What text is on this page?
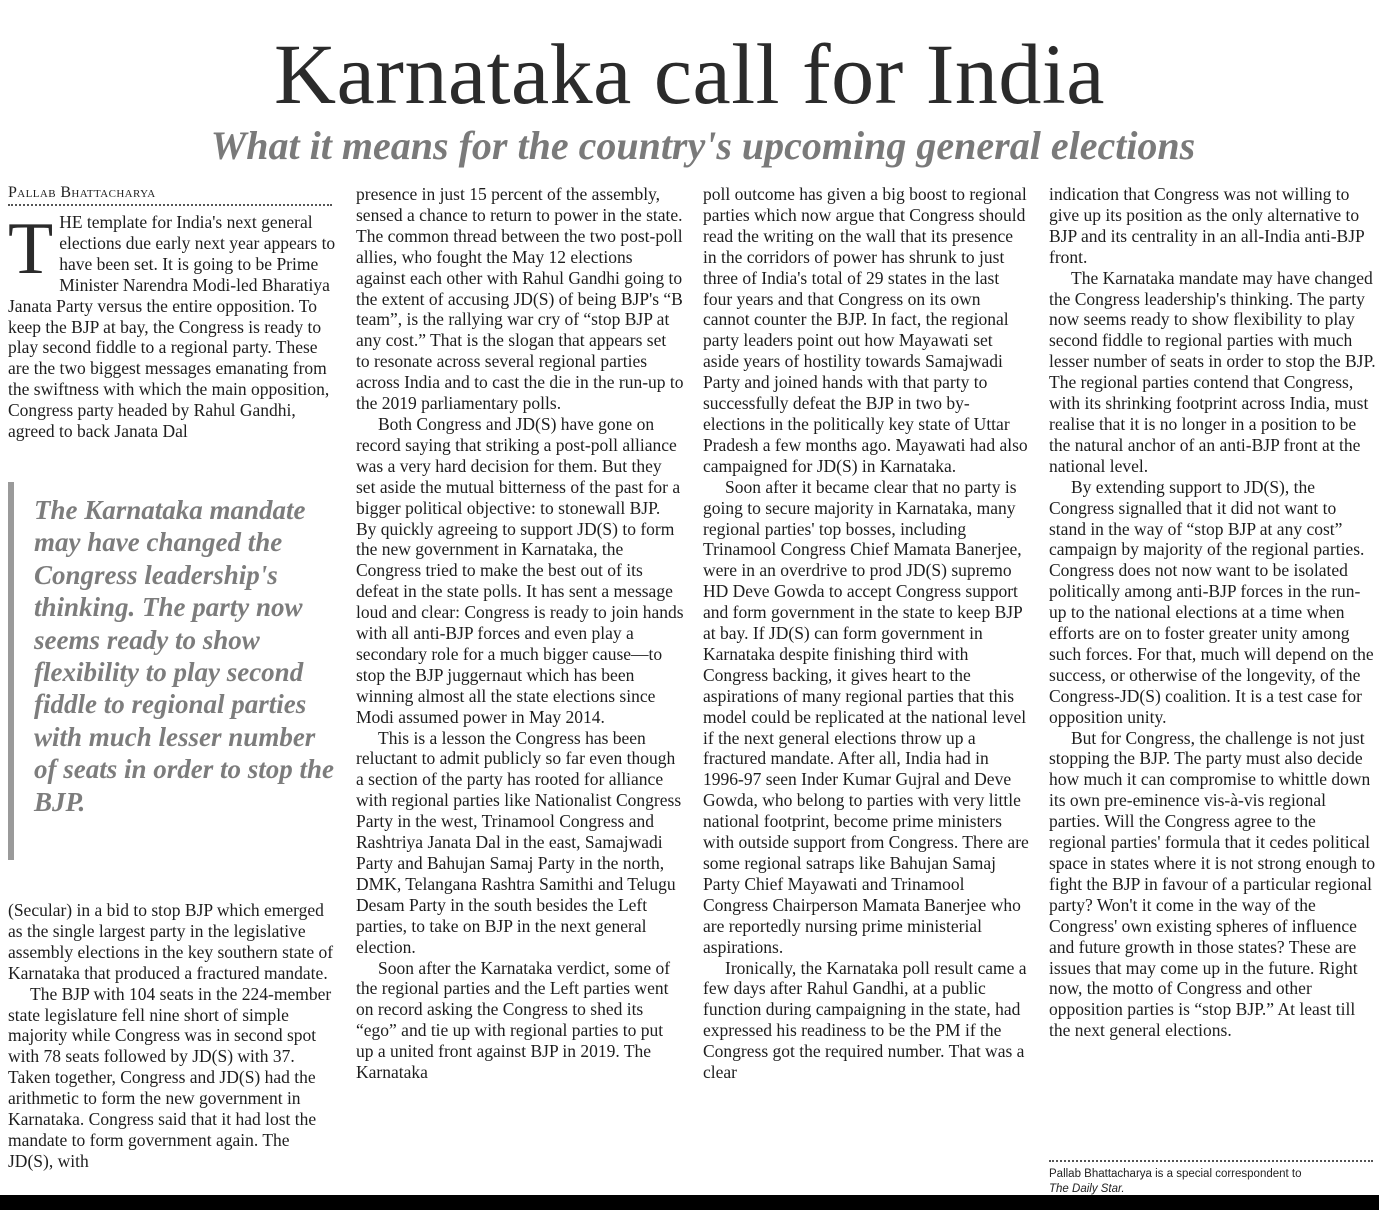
Karnataka call for India
What it means for the country's upcoming general elections
Pallab Bhattacharya

THE template for India's next general elections due early next year appears to have been set. It is going to be Prime Minister Narendra Modi-led Bharatiya Janata Party versus the entire opposition. To keep the BJP at bay, the Congress is ready to play second fiddle to a regional party. These are the two biggest messages emanating from the swiftness with which the main opposition, Congress party headed by Rahul Gandhi, agreed to back Janata Dal

The Karnataka mandate may have changed the Congress leadership's thinking. The party now seems ready to show flexibility to play second fiddle to regional parties with much lesser number of seats in order to stop the BJP.

(Secular) in a bid to stop BJP which emerged as the single largest party in the legislative assembly elections in the key southern state of Karnataka that produced a fractured mandate.

The BJP with 104 seats in the 224-member state legislature fell nine short of simple majority while Congress was in second spot with 78 seats followed by JD(S) with 37. Taken together, Congress and JD(S) had the arithmetic to form the new government in Karnataka. Congress said that it had lost the mandate to form government again. The JD(S), with

presence in just 15 percent of the assembly, sensed a chance to return to power in the state. The common thread between the two post-poll allies, who fought the May 12 elections against each other with Rahul Gandhi going to the extent of accusing JD(S) of being BJP's “B team”, is the rallying war cry of “stop BJP at any cost.” That is the slogan that appears set to resonate across several regional parties across India and to cast the die in the run-up to the 2019 parliamentary polls.

Both Congress and JD(S) have gone on record saying that striking a post-poll alliance was a very hard decision for them. But they set aside the mutual bitterness of the past for a bigger political objective: to stonewall BJP. By quickly agreeing to support JD(S) to form the new government in Karnataka, the Congress tried to make the best out of its defeat in the state polls. It has sent a message loud and clear: Congress is ready to join hands with all anti-BJP forces and even play a secondary role for a much bigger cause—to stop the BJP juggernaut which has been winning almost all the state elections since Modi assumed power in May 2014.

This is a lesson the Congress has been reluctant to admit publicly so far even though a section of the party has rooted for alliance with regional parties like Nationalist Congress Party in the west, Trinamool Congress and Rashtriya Janata Dal in the east, Samajwadi Party and Bahujan Samaj Party in the north, DMK, Telangana Rashtra Samithi and Telugu Desam Party in the south besides the Left parties, to take on BJP in the next general election.

Soon after the Karnataka verdict, some of the regional parties and the Left parties went on record asking the Congress to shed its “ego” and tie up with regional parties to put up a united front against BJP in 2019. The Karnataka

poll outcome has given a big boost to regional parties which now argue that Congress should read the writing on the wall that its presence in the corridors of power has shrunk to just three of India's total of 29 states in the last four years and that Congress on its own cannot counter the BJP. In fact, the regional party leaders point out how Mayawati set aside years of hostility towards Samajwadi Party and joined hands with that party to successfully defeat the BJP in two by-elections in the politically key state of Uttar Pradesh a few months ago. Mayawati had also campaigned for JD(S) in Karnataka.

Soon after it became clear that no party is going to secure majority in Karnataka, many regional parties' top bosses, including Trinamool Congress Chief Mamata Banerjee, were in an overdrive to prod JD(S) supremo HD Deve Gowda to accept Congress support and form government in the state to keep BJP at bay. If JD(S) can form government in Karnataka despite finishing third with Congress backing, it gives heart to the aspirations of many regional parties that this model could be replicated at the national level if the next general elections throw up a fractured mandate. After all, India had in 1996-97 seen Inder Kumar Gujral and Deve Gowda, who belong to parties with very little national footprint, become prime ministers with outside support from Congress. There are some regional satraps like Bahujan Samaj Party Chief Mayawati and Trinamool Congress Chairperson Mamata Banerjee who are reportedly nursing prime ministerial aspirations.

Ironically, the Karnataka poll result came a few days after Rahul Gandhi, at a public function during campaigning in the state, had expressed his readiness to be the PM if the Congress got the required number. That was a clear

indication that Congress was not willing to give up its position as the only alternative to BJP and its centrality in an all-India anti-BJP front.

The Karnataka mandate may have changed the Congress leadership's thinking. The party now seems ready to show flexibility to play second fiddle to regional parties with much lesser number of seats in order to stop the BJP. The regional parties contend that Congress, with its shrinking footprint across India, must realise that it is no longer in a position to be the natural anchor of an anti-BJP front at the national level.

By extending support to JD(S), the Congress signalled that it did not want to stand in the way of “stop BJP at any cost” campaign by majority of the regional parties. Congress does not now want to be isolated politically among anti-BJP forces in the run-up to the national elections at a time when efforts are on to foster greater unity among such forces. For that, much will depend on the success, or otherwise of the longevity, of the Congress-JD(S) coalition. It is a test case for opposition unity.

But for Congress, the challenge is not just stopping the BJP. The party must also decide how much it can compromise to whittle down its own pre-eminence vis-à-vis regional parties. Will the Congress agree to the regional parties' formula that it cedes political space in states where it is not strong enough to fight the BJP in favour of a particular regional party? Won't it come in the way of the Congress' own existing spheres of influence and future growth in those states? These are issues that may come up in the future. Right now, the motto of Congress and other opposition parties is “stop BJP.” At least till the next general elections.

Pallab Bhattacharya is a special correspondent to
The Daily Star.
